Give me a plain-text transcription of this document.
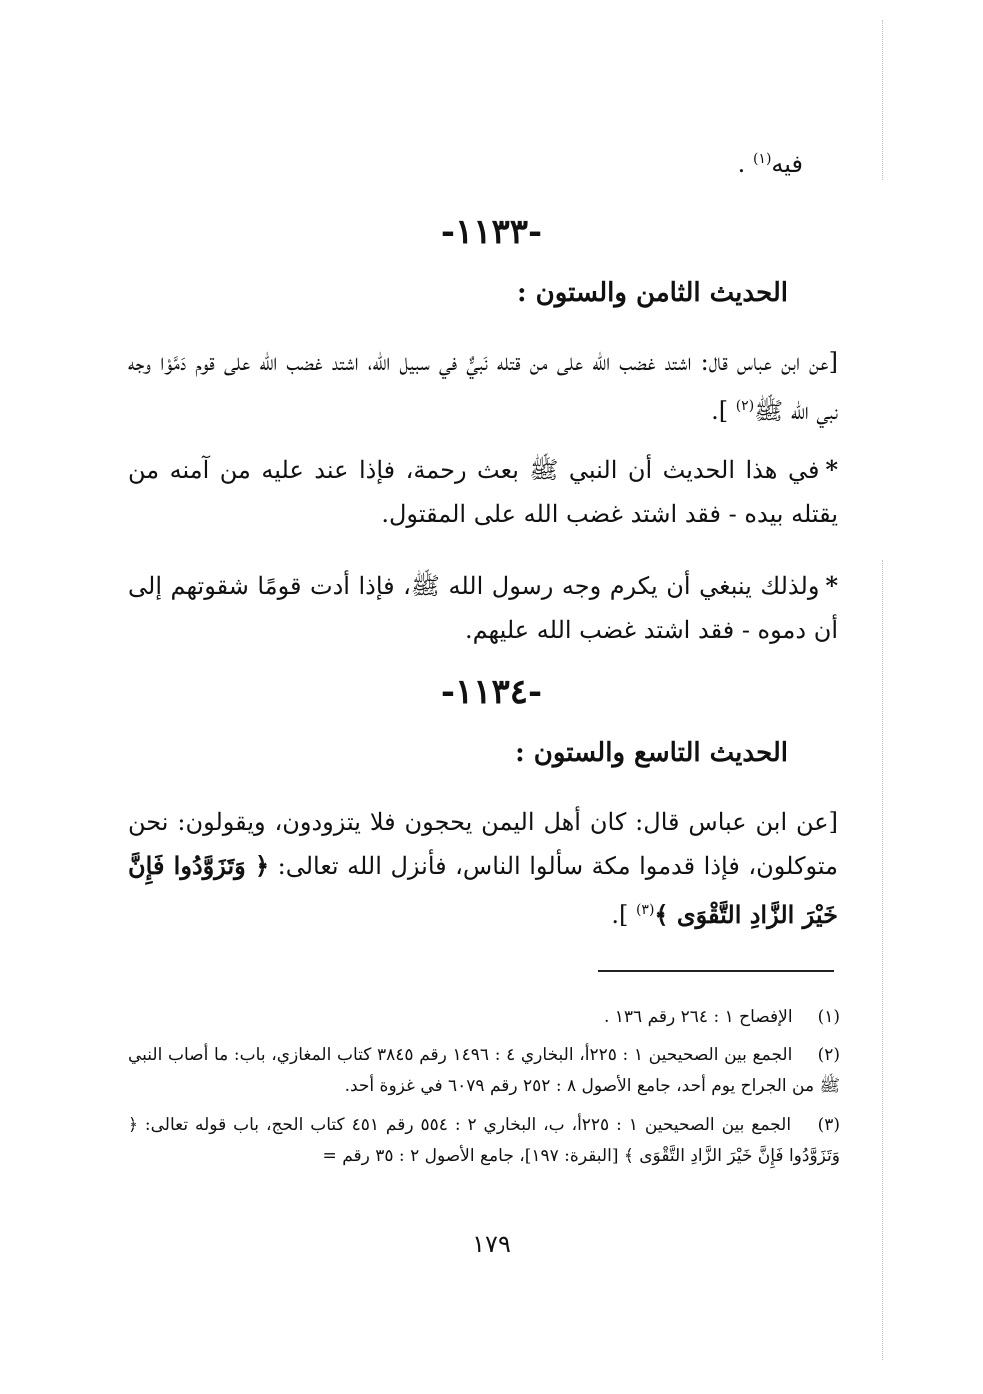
فيه$^{(١)}$ .
-١١٣٣-
الحديث الثامن والستون :
[عن ابن عباس قال: اشتد غضب الله على من قتله نَبيٌّ في سبيل الله، اشتد غضب الله على قوم دَمَّوْا وجه نبي الله ﷺ$^{(٢)}$ ].
*في هذا الحديث أن النبي ﷺ بعث رحمة، فإذا عند عليه من آمنه من يقتله بيده - فقد اشتد غضب الله على المقتول.
*ولذلك ينبغي أن يكرم وجه رسول الله ﷺ، فإذا أدت قومًا شقوتهم إلى أن دموه - فقد اشتد غضب الله عليهم.
-١١٣٤-
الحديث التاسع والستون :
[عن ابن عباس قال: كان أهل اليمن يحجون فلا يتزودون، ويقولون: نحن متوكلون، فإذا قدموا مكة سألوا الناس، فأنزل الله تعالى: ﴿ وَتَزَوَّدُوا فَإِنَّ خَيْرَ الزَّادِ التَّقْوَى ﴾$^{(٣)}$ ].
(١) الإفصاح ١ : ٢٦٤ رقم ١٣٦ .
(٢) الجمع بين الصحيحين ١ : ٢٢٥أ، البخاري ٤ : ١٤٩٦ رقم ٣٨٤٥ كتاب المغازي، باب: ما أصاب النبي ﷺ من الجراح يوم أحد، جامع الأصول ٨ : ٢٥٢ رقم ٦٠٧٩ في غزوة أحد.
(٣) الجمع بين الصحيحين ١ : ٢٢٥أ، ب، البخاري ٢ : ٥٥٤ رقم ٤٥١ كتاب الحج، باب قوله تعالى: ﴿ وَتَزَوَّدُوا فَإِنَّ خَيْرَ الزَّادِ التَّقْوَى ﴾ [البقرة: ١٩٧]، جامع الأصول ٢ : ٣٥ رقم =
١٧٩
